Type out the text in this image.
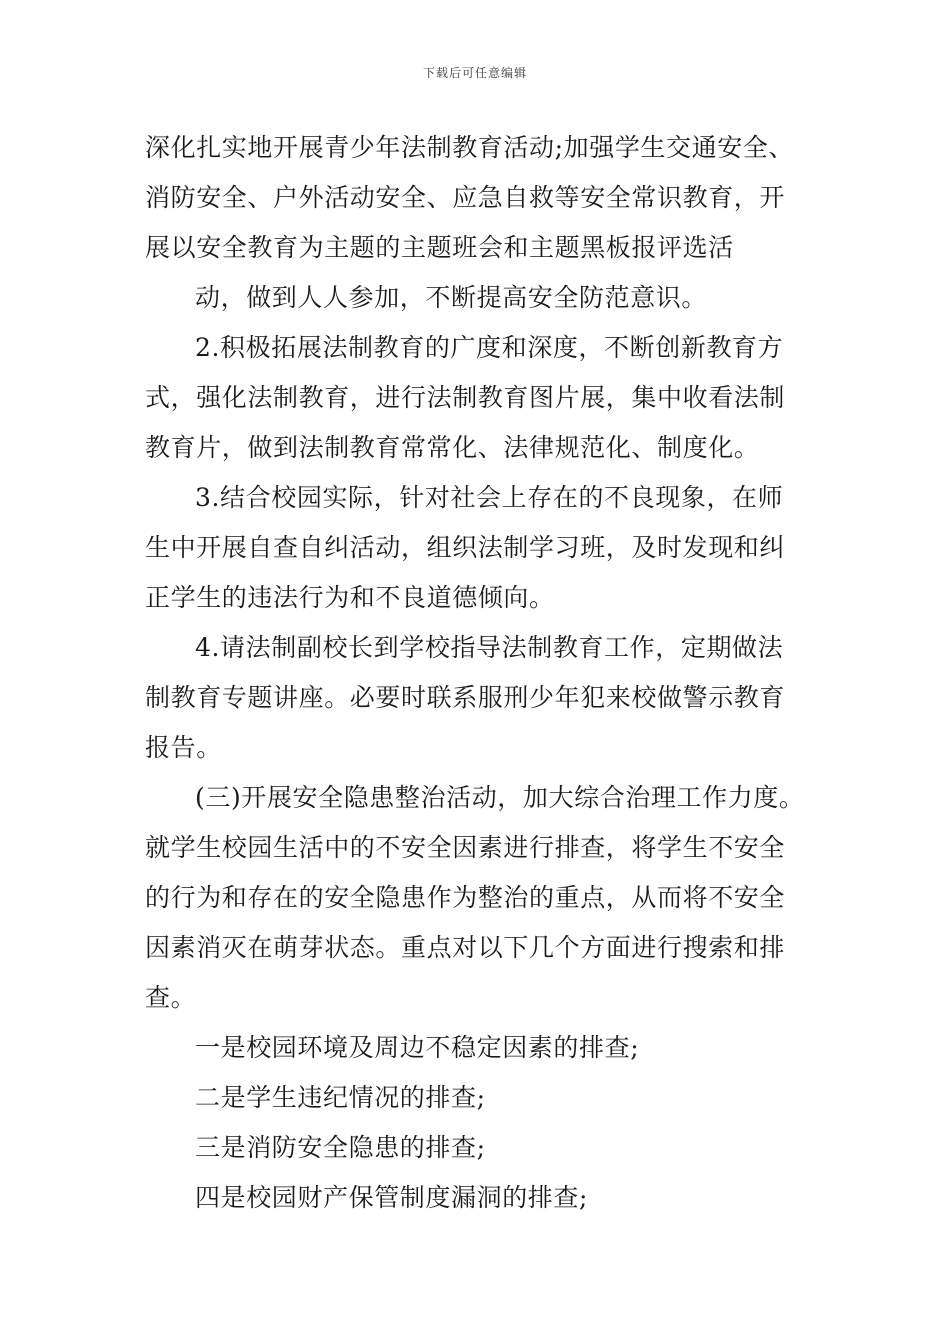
下载后可任意编辑
深化扎实地开展青少年法制教育活动;加强学生交通安全、
消防安全、户外活动安全、应急自救等安全常识教育，开
展以安全教育为主题的主题班会和主题黑板报评选活
动，做到人人参加，不断提高安全防范意识。
2.积极拓展法制教育的广度和深度，不断创新教育方
式，强化法制教育，进行法制教育图片展，集中收看法制
教育片，做到法制教育常常化、法律规范化、制度化。
3.结合校园实际，针对社会上存在的不良现象，在师
生中开展自查自纠活动，组织法制学习班，及时发现和纠
正学生的违法行为和不良道德倾向。
4.请法制副校长到学校指导法制教育工作，定期做法
制教育专题讲座。必要时联系服刑少年犯来校做警示教育
报告。
(三)开展安全隐患整治活动，加大综合治理工作力度。
就学生校园生活中的不安全因素进行排查，将学生不安全
的行为和存在的安全隐患作为整治的重点，从而将不安全
因素消灭在萌芽状态。重点对以下几个方面进行搜索和排
查。
一是校园环境及周边不稳定因素的排查;
二是学生违纪情况的排查;
三是消防安全隐患的排查;
四是校园财产保管制度漏洞的排查;
